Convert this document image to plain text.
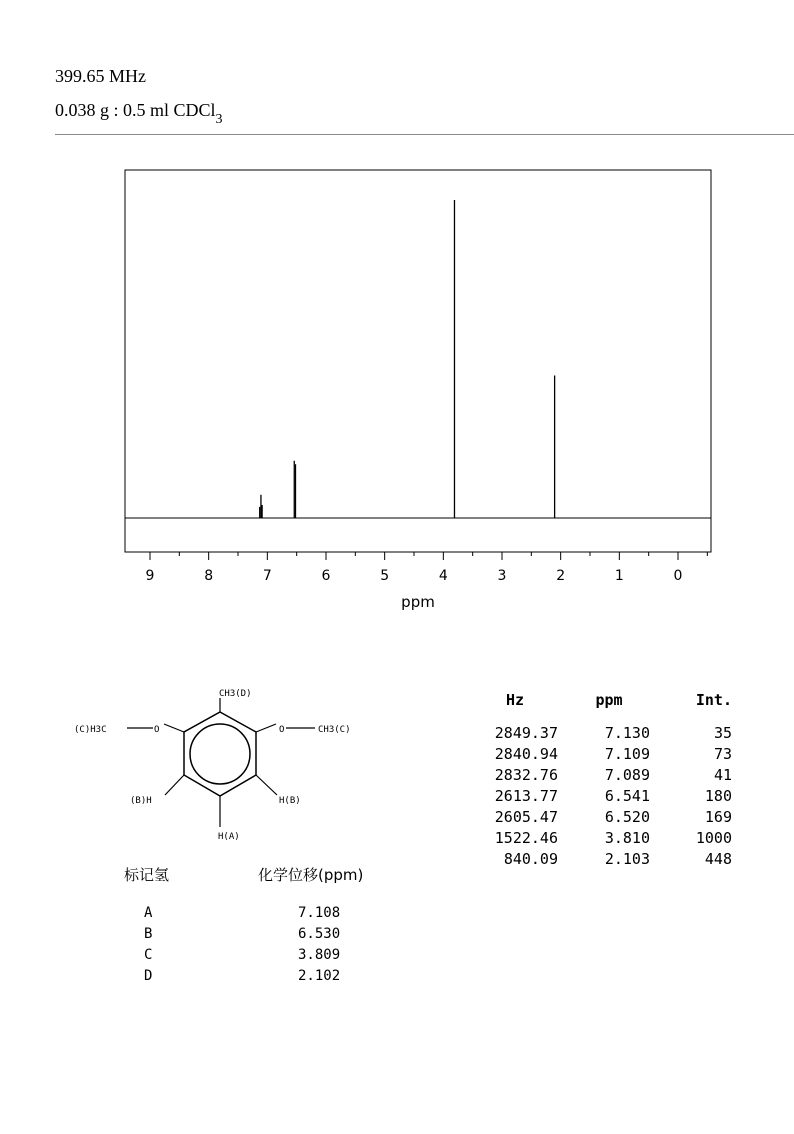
399.65 MHz
0.038 g : 0.5 ml CDCl$_3$
9	8	7	6	5	4	3	2	1	0
ppm
CH3(D)
O
(C)H3C	O	CH3(C)
(B)H	H(B)
H(A)
标记氢	化学位移(ppm)
A	7.108
B	6.530
C	3.809
D	2.102
Hz	ppm	Int.

2849.37	7.130	35
2840.94	7.109	73
2832.76	7.089	41
2613.77	6.541	180
2605.47	6.520	169
1522.46	3.810	1000
840.09	2.103	448
